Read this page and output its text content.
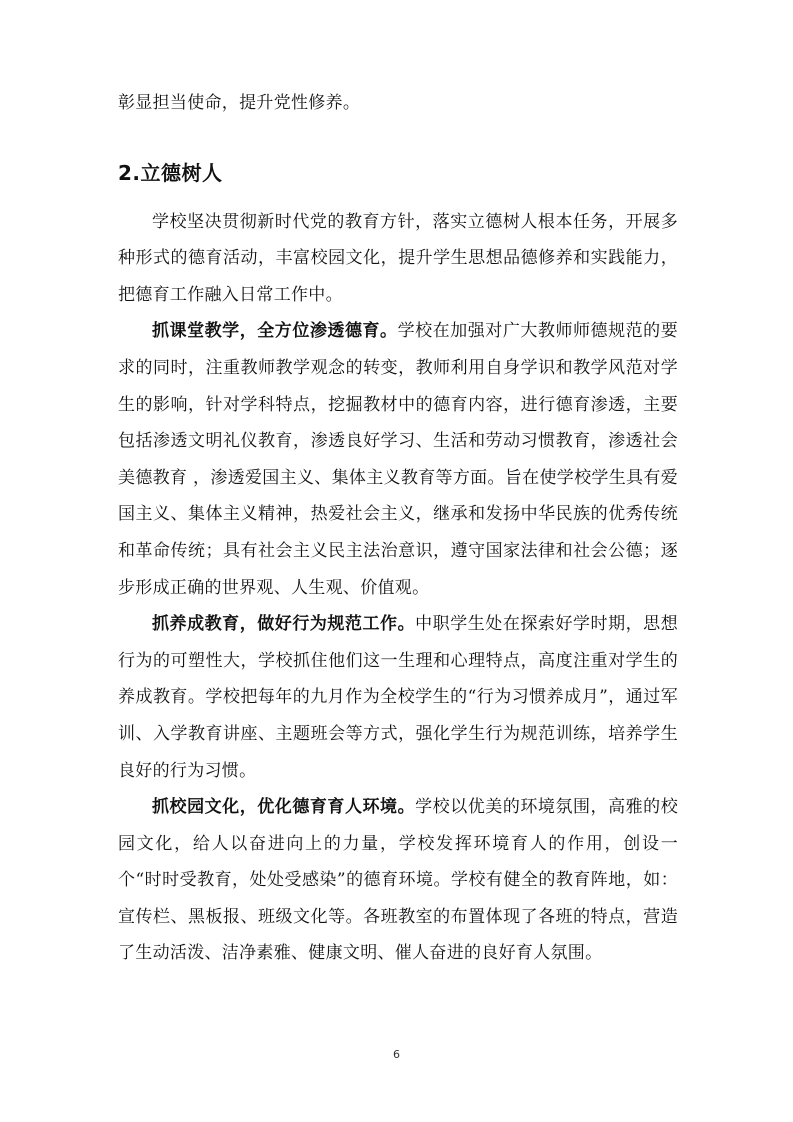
彰显担当使命，提升党性修养。

2.立德树人

学校坚决贯彻新时代党的教育方针，落实立德树人根本任务，开展多种形式的德育活动，丰富校园文化，提升学生思想品德修养和实践能力，把德育工作融入日常工作中。

抓课堂教学，全方位渗透德育。学校在加强对广大教师师德规范的要求的同时，注重教师教学观念的转变，教师利用自身学识和教学风范对学生的影响，针对学科特点，挖掘教材中的德育内容，进行德育渗透，主要包括渗透文明礼仪教育，渗透良好学习、生活和劳动习惯教育，渗透社会美德教育 ，渗透爱国主义、集体主义教育等方面。旨在使学校学生具有爱国主义、集体主义精神，热爱社会主义，继承和发扬中华民族的优秀传统和革命传统；具有社会主义民主法治意识，遵守国家法律和社会公德；逐步形成正确的世界观、人生观、价值观。

抓养成教育，做好行为规范工作。中职学生处在探索好学时期，思想行为的可塑性大，学校抓住他们这一生理和心理特点，高度注重对学生的养成教育。学校把每年的九月作为全校学生的“行为习惯养成月”，通过军训、入学教育讲座、主题班会等方式，强化学生行为规范训练，培养学生良好的行为习惯。

抓校园文化，优化德育育人环境。学校以优美的环境氛围，高雅的校园文化，给人以奋进向上的力量，学校发挥环境育人的作用，创设一个“时时受教育，处处受感染”的德育环境。学校有健全的教育阵地，如：宣传栏、黑板报、班级文化等。各班教室的布置体现了各班的特点，营造了生动活泼、洁净素雅、健康文明、催人奋进的良好育人氛围。

6
